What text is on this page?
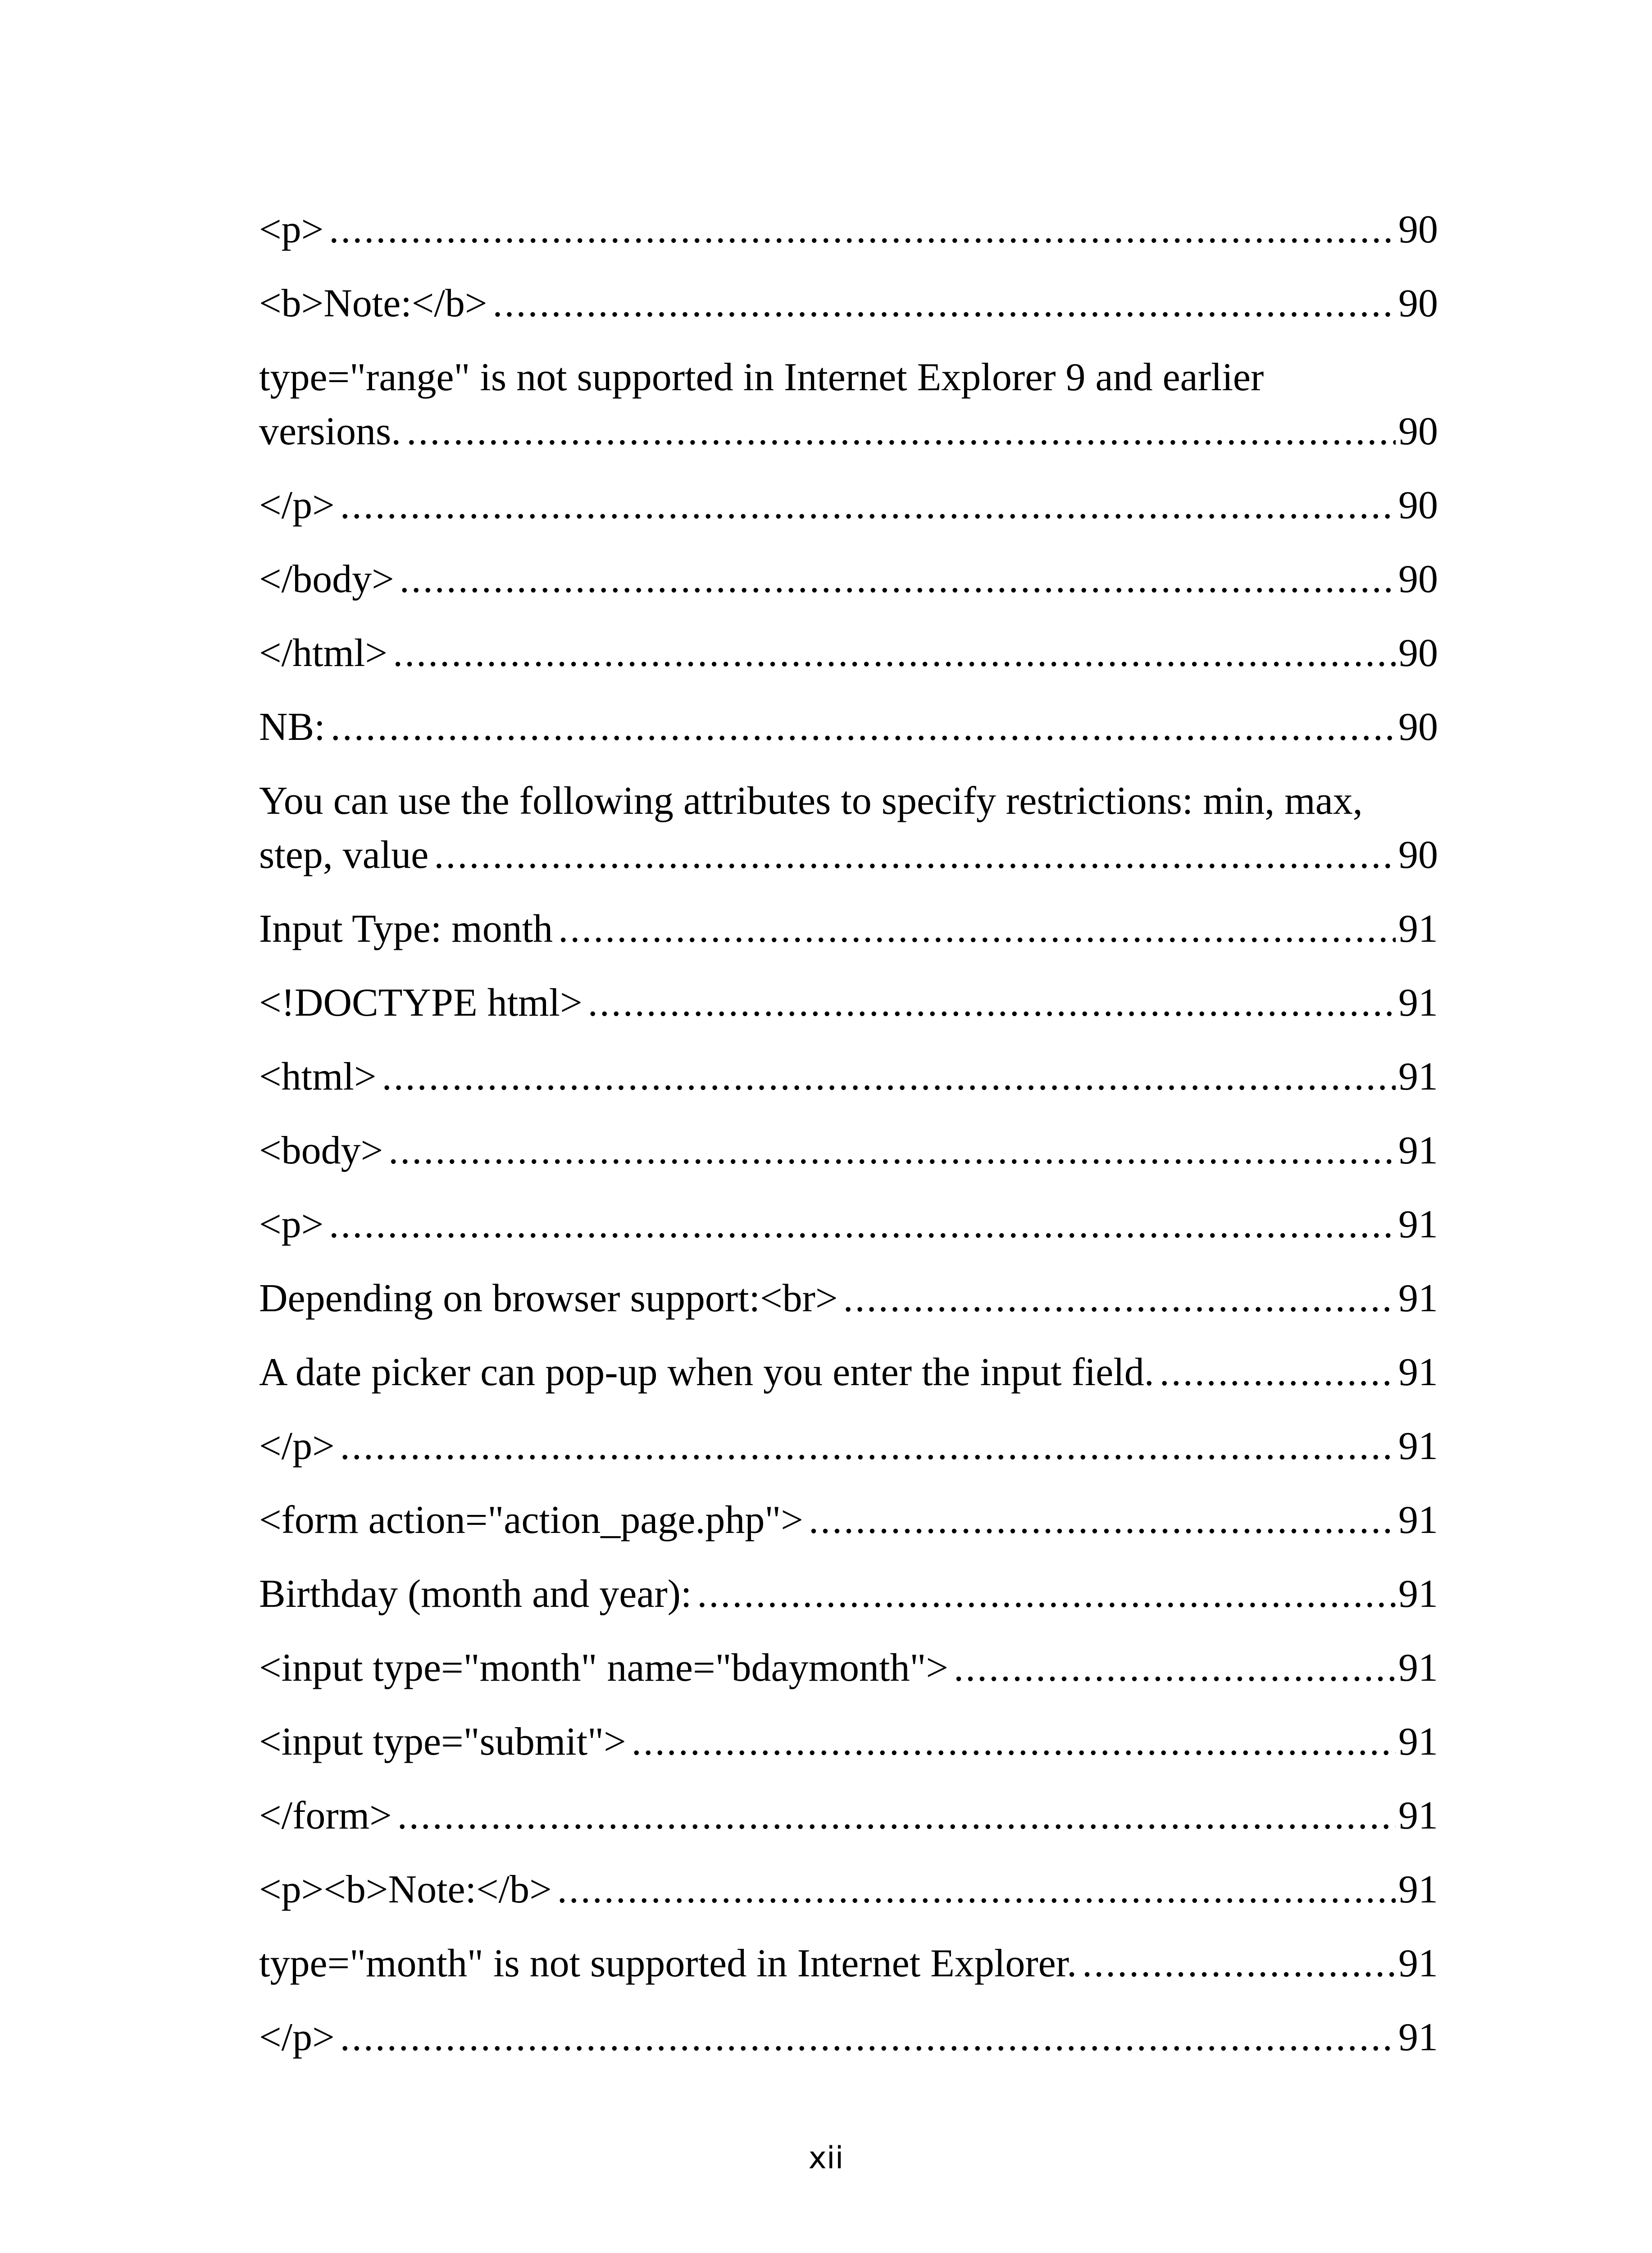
<p> .....	90
<b>Note:</b> .....	90
type="range" is not supported in Internet Explorer 9 and earlier
versions. .....	90
</p> .....	90
</body> .....	90
</html> .....	90
NB: .....	90
You can use the following attributes to specify restrictions: min, max,
step, value .....	90
Input Type: month .....	91
<!DOCTYPE html> .....	91
<html> .....	91
<body> .....	91
<p> .....	91
Depending on browser support:<br> .....	91
A date picker can pop-up when you enter the input field. .....	91
</p> .....	91
<form action="action_page.php"> .....	91
Birthday (month and year): .....	91
<input type="month" name="bdaymonth"> .....	91
<input type="submit"> .....	91
</form> .....	91
<p><b>Note:</b> .....	91
type="month" is not supported in Internet Explorer. .....	91
</p> .....	91
xii
